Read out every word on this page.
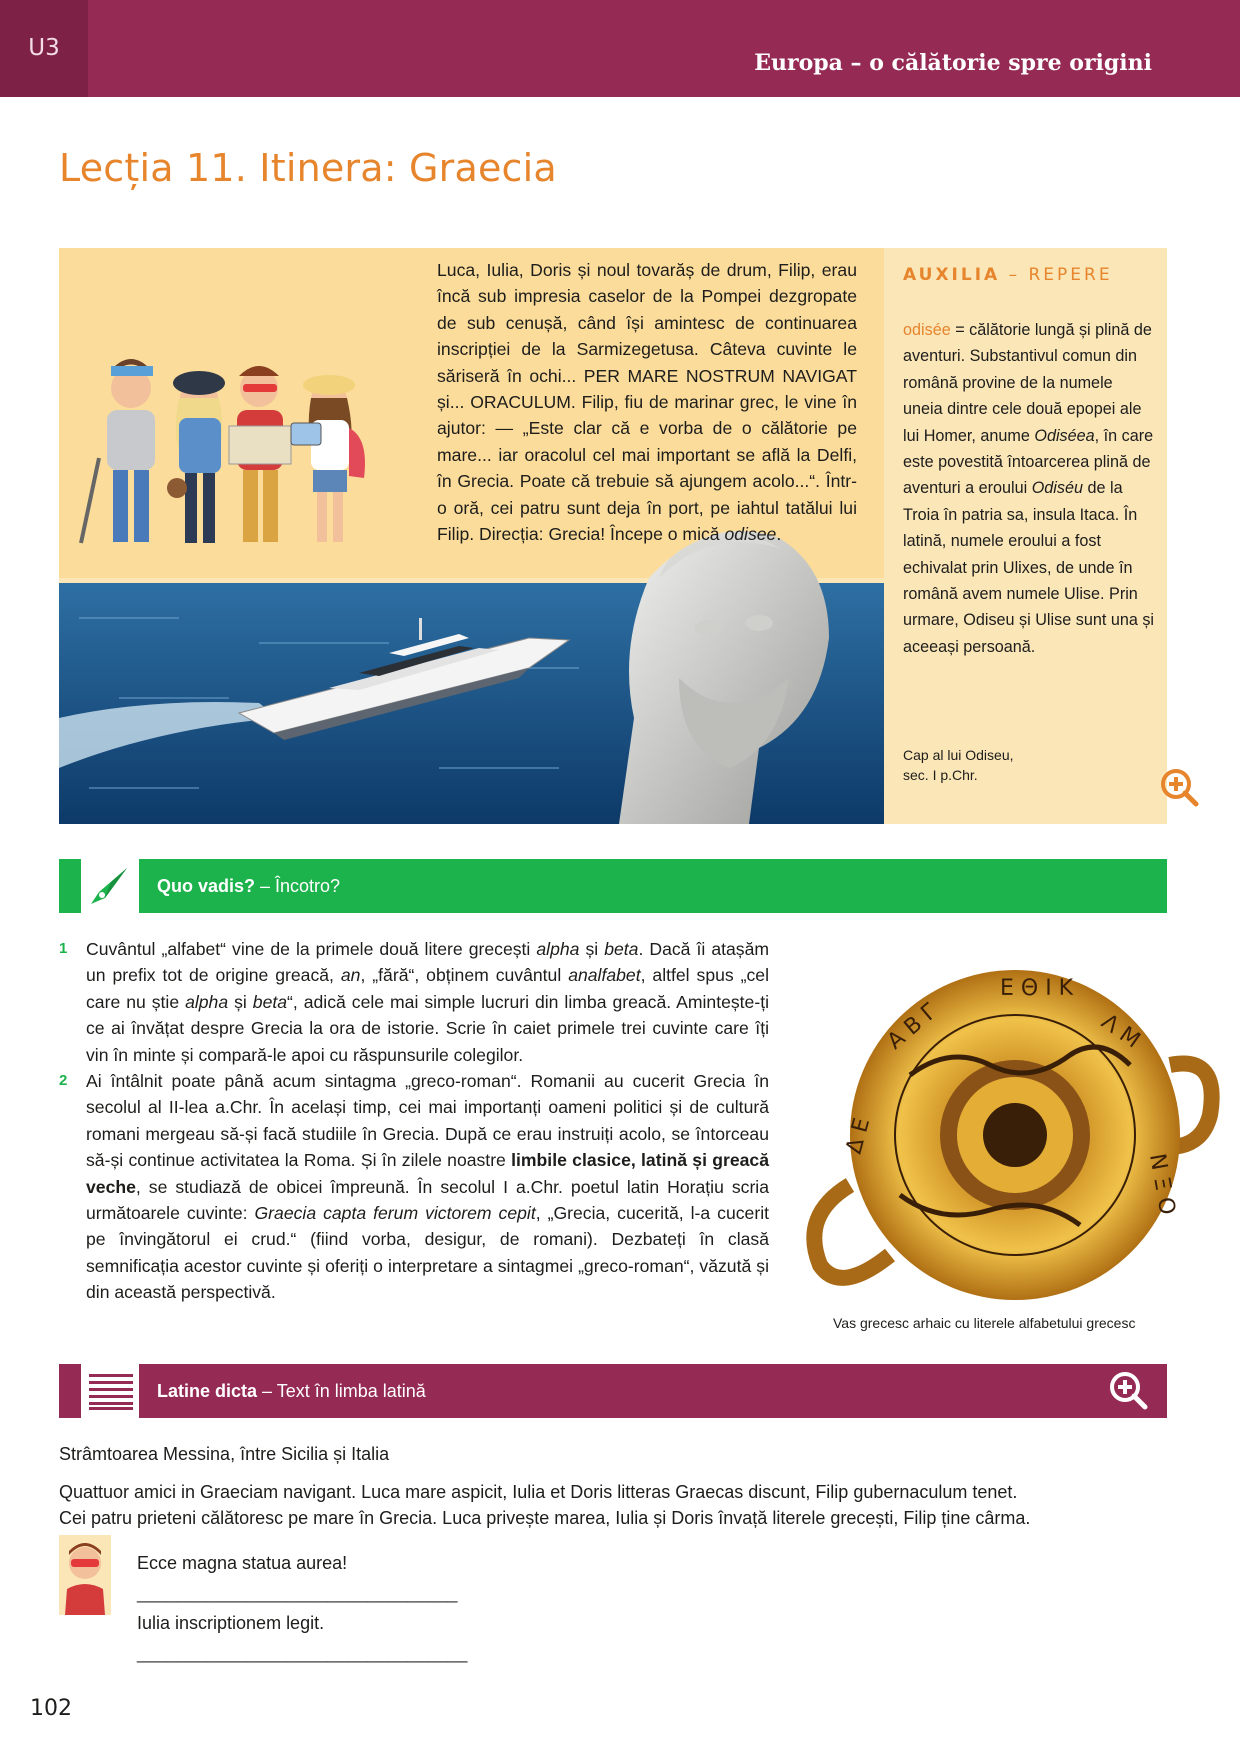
U3
Europa – o călătorie spre origini
Lecția 11. Itinera: Graecia

Luca, Iulia, Doris și noul tovarăș de drum, Filip, erau încă sub impresia caselor de la Pompei dezgropate de sub cenușă, când își amintesc de continuarea inscripției de la Sarmizegetusa. Câteva cuvinte le săriseră în ochi... PER MARE NOSTRUM NAVIGAT și... ORACULUM. Filip, fiu de marinar grec, le vine în ajutor: — „Este clar că e vorba de o călătorie pe mare... iar oracolul cel mai important se află la Delfi, în Grecia. Poate că trebuie să ajungem acolo...“. Într-o oră, cei patru sunt deja în port, pe iahtul tatălui lui Filip. Direcția: Grecia! Începe o mică odisee.

AUXILIA – REPERE

odisée = călătorie lungă și plină de aventuri. Substantivul comun din română provine de la numele uneia dintre cele două epopei ale lui Homer, anume Odiséea, în care este povestită întoarcerea plină de aventuri a eroului Odiséu de la Troia în patria sa, insula Itaca. În latină, numele eroului a fost echivalat prin Ulixes, de unde în română avem numele Ulise. Prin urmare, Odiseu și Ulise sunt una și aceeași persoană.

Cap al lui Odiseu,
sec. I p.Chr.
Quo vadis? – Încotro?

1 Cuvântul „alfabet“ vine de la primele două litere grecești alpha și beta. Dacă îi atașăm un prefix tot de origine greacă, an, „fără“, obținem cuvântul analfabet, altfel spus „cel care nu știe alpha și beta“, adică cele mai simple lucruri din limba greacă. Amintește-ți ce ai învățat despre Grecia la ora de istorie. Scrie în caiet primele trei cuvinte care îți vin în minte și compară-le apoi cu răspunsurile colegilor.

2 Ai întâlnit poate până acum sintagma „greco-roman“. Romanii au cucerit Grecia în secolul al II-lea a.Chr. În același timp, cei mai importanți oameni politici și de cultură romani mergeau să-și facă studiile în Grecia. După ce erau instruiți acolo, se întorceau să-și continue activitatea la Roma. Și în zilele noastre limbile clasice, latină și greacă veche, se studiază de obicei împreună. În secolul I a.Chr. poetul latin Horațiu scria următoarele cuvinte: Graecia capta ferum victorem cepit, „Grecia, cucerită, l-a cucerit pe învingătorul ei crud.“ (fiind vorba, desigur, de romani). Dezbateți în clasă semnificația acestor cuvinte și oferiți o interpretare a sintagmei „greco-roman“, văzută și din această perspectivă.

Α Β Γ
Ε Θ Ι Κ
Λ Μ
Δ Ε
Ν Ξ Ο
Vas grecesc arhaic cu literele alfabetului grecesc
Latine dicta – Text în limba latină
Strâmtoarea Messina, între Sicilia și Italia
Quattuor amici in Graeciam navigant. Luca mare aspicit, Iulia et Doris litteras Graecas discunt, Filip gubernaculum tenet.
Cei patru prieteni călătoresc pe mare în Grecia. Luca privește marea, Iulia și Doris învață literele grecești, Filip ține cârma.
Ecce magna statua aurea!
________________________________
Iulia inscriptionem legit.
_________________________________
102
